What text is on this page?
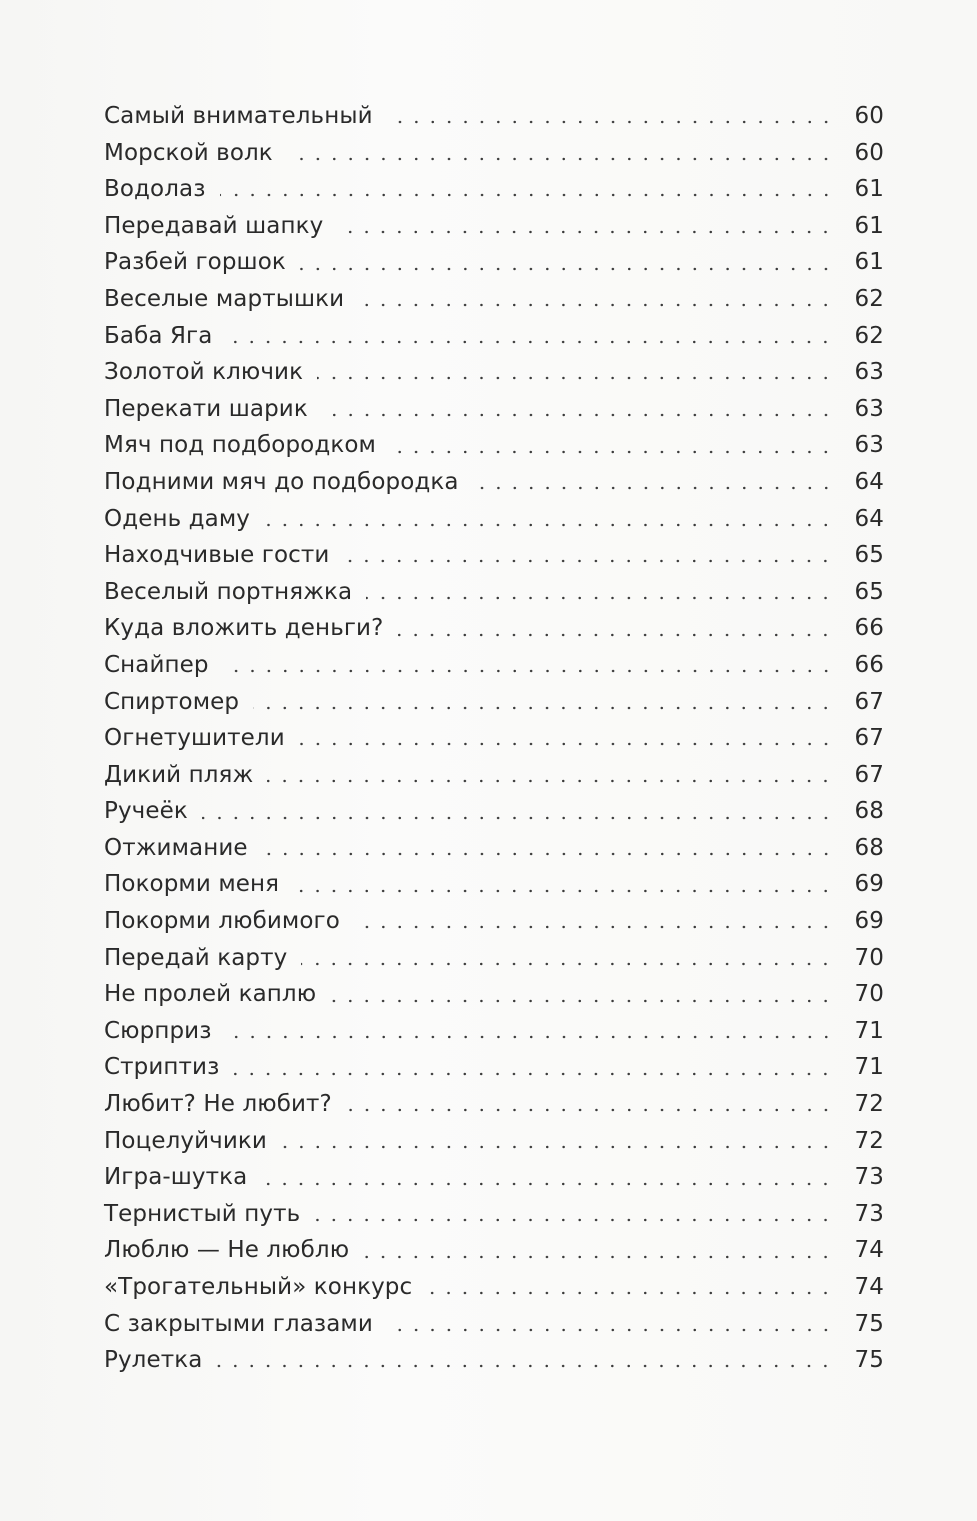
Самый внимательный	60
Морской волк	60
Водолаз	61
Передавай шапку	61
Разбей горшок	61
Веселые мартышки	62
Баба Яга	62
Золотой ключик	63
Перекати шарик	63
Мяч под подбородком	63
Подними мяч до подбородка	64
Одень даму	64
Находчивые гости	65
Веселый портняжка	65
Куда вложить деньги?	66
Снайпер	66
Спиртомер	67
Огнетушители	67
Дикий пляж	67
Ручеёк	68
Отжимание	68
Покорми меня	69
Покорми любимого	69
Передай карту	70
Не пролей каплю	70
Сюрприз	71
Стриптиз	71
Любит? Не любит?	72
Поцелуйчики	72
Игра-шутка	73
Тернистый путь	73
Люблю — Не люблю	74
«Трогательный» конкурс	74
С закрытыми глазами	75
Рулетка	75
